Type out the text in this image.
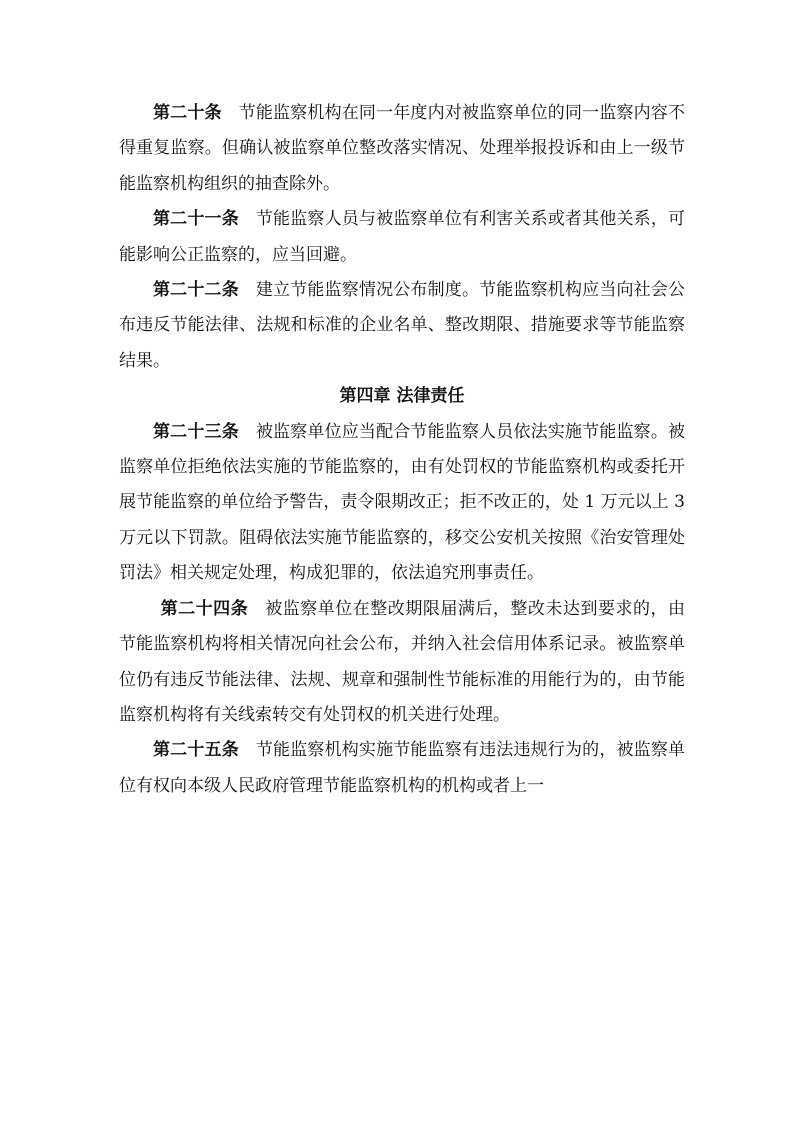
第二十条 节能监察机构在同一年度内对被监察单位的同一监察内容不得重复监察。但确认被监察单位整改落实情况、处理举报投诉和由上一级节能监察机构组织的抽查除外。

第二十一条 节能监察人员与被监察单位有利害关系或者其他关系，可能影响公正监察的，应当回避。

第二十二条 建立节能监察情况公布制度。节能监察机构应当向社会公布违反节能法律、法规和标准的企业名单、整改期限、措施要求等节能监察结果。

第四章 法律责任

第二十三条 被监察单位应当配合节能监察人员依法实施节能监察。被监察单位拒绝依法实施的节能监察的，由有处罚权的节能监察机构或委托开展节能监察的单位给予警告，责令限期改正；拒不改正的，处 1 万元以上 3 万元以下罚款。阻碍依法实施节能监察的，移交公安机关按照《治安管理处罚法》相关规定处理，构成犯罪的，依法追究刑事责任。

第二十四条 被监察单位在整改期限届满后，整改未达到要求的，由节能监察机构将相关情况向社会公布，并纳入社会信用体系记录。被监察单位仍有违反节能法律、法规、规章和强制性节能标准的用能行为的，由节能监察机构将有关线索转交有处罚权的机关进行处理。

第二十五条 节能监察机构实施节能监察有违法违规行为的，被监察单位有权向本级人民政府管理节能监察机构的机构或者上一
